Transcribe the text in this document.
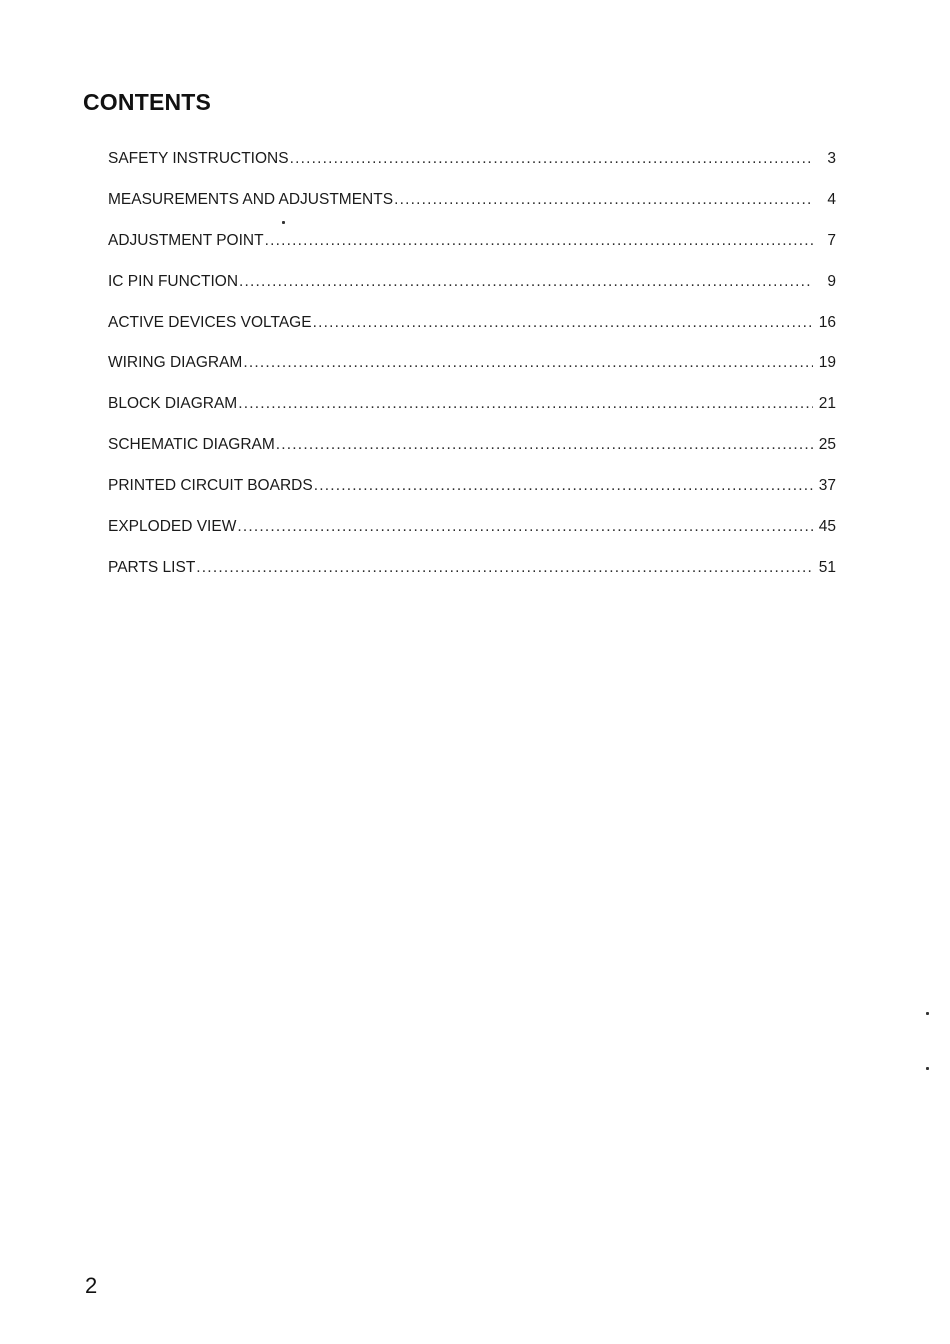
CONTENTS
SAFETY INSTRUCTIONS .....	3
MEASUREMENTS AND ADJUSTMENTS .....	4
ADJUSTMENT POINT .....	7
IC PIN FUNCTION .....	9
ACTIVE DEVICES VOLTAGE .....	16
WIRING DIAGRAM .....	19
BLOCK DIAGRAM .....	21
SCHEMATIC DIAGRAM .....	25
PRINTED CIRCUIT BOARDS .....	37
EXPLODED VIEW .....	45
PARTS LIST .....	51
2
